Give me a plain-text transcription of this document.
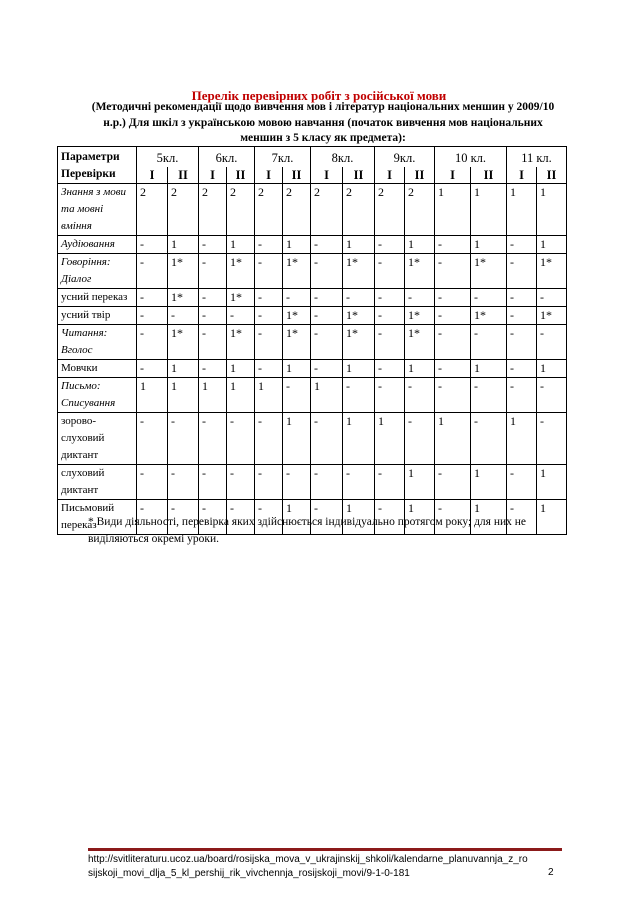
Перелік перевірних робіт з російської мови
(Методичні рекомендації щодо вивчення мов і літератур національних меншин у 2009/10 н.р.) Для шкіл з українською мовою навчання (початок вивчення мов національних меншин з 5 класу як предмета):
Параметри Перевірки	5кл.		6кл.		7кл.		8кл.		9кл.		10 кл.		11 кл.	
	I	II	I	II	I	II	I	II	I	II	I	II	I	II
Знання з мови та мовні вміння	2	2	2	2	2	2	2	2	2	2	1	1	1	1
Аудіювання	-	1	-	1	-	1	-	1	-	1	-	1	-	1
Говоріння: Діалог	-	1*	-	1*	-	1*	-	1*	-	1*	-	1*	-	1*
усний переказ	-	1*	-	1*	-	-	-	-	-	-	-	-	-	-
усний твір	-	-	-	-	-	1*	-	1*	-	1*	-	1*	-	1*
Читання: Вголос	-	1*	-	1*	-	1*	-	1*	-	1*	-	-	-	-
Мовчки	-	1	-	1	-	1	-	1	-	1	-	1	-	1
Письмо: Списування	1	1	1	1	1	-	1	-	-	-	-	-	-	-
зорово-слуховий диктант	-	-	-	-	-	1	-	1	1	-	1	-	1	-
слуховий диктант	-	-	-	-	-	-	-	-	-	1	-	1	-	1
Письмовий переказ	-	-	-	-	-	1	-	1	-	1	-	1	-	1
* Види діяльності, перевірка яких здійснюється індивідуально протягом року; для них не виділяються окремі уроки.
http://svitliteraturu.ucoz.ua/board/rosijska_mova_v_ukrajinskij_shkoli/kalendarne_planuvannja_z_rosijskoji_movi_dlja_5_kl_pershij_rik_vivchennja_rosijskoji_movi/9-1-0-181	2
